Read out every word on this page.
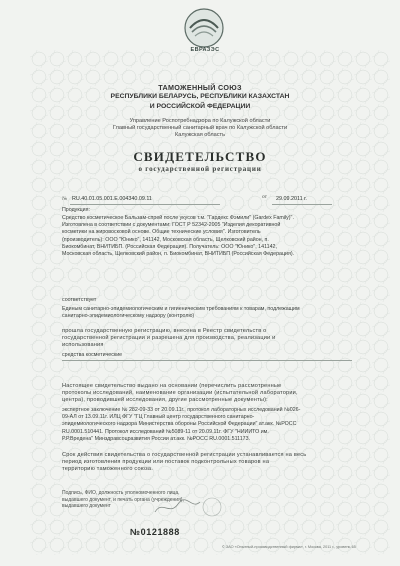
ЕВРАЗЭС
ТАМОЖЕННЫЙ СОЮЗ
РЕСПУБЛИКИ БЕЛАРУСЬ, РЕСПУБЛИКИ КАЗАХСТАН
И РОССИЙСКОЙ ФЕДЕРАЦИИ
Управление Роспотребнадзора по Калужской области
Главный государственный санитарный врач по Калужской области
Калужская область
СВИДЕТЕЛЬСТВО
о государственной регистрации
№ RU.40.01.05.001.Е.004340.09.11	от 29.09.2011 г.
Продукция:
Средство косметическое Бальзам-спрей после укусов т.м. "Гардекс Фэмили" (Gardex Family)".
Изготовлена в соответствии с документами: ГОСТ Р 52342-2005 "Изделия декоративной
косметики на жировосковой основе. Общие технические условия". Изготовитель
(производитель): ООО "Юнико", 141142, Московская область, Щелковский район, п.
Биокомбинат, ВНИТИБП. (Российская Федерация). Получатель: ООО "Юнико", 141142,
Московская область, Щелковский район, п. Биокомбинат, ВНИТИБП (Российская Федерация).
соответствует
Единым санитарно-эпидемиологическим и гигиеническим требованиям к товарам, подлежащим
санитарно-эпидемиологическому надзору (контролю)
прошла государственную регистрацию, внесена в Реестр свидетельств о
государственной регистрации и разрешена для производства, реализации и
использования
средства косметические
Настоящее свидетельство выдано на основании (перечислить рассмотренные
протоколы исследований, наименование организации (испытательной лаборатории,
центра), проводившей исследования, другие рассмотренные документы):
экспертное заключение № 282-09-33 от 20.09.11г., протокол лабораторных исследований №026-
09-АЛ от 13.09.11г. ИЛЦ ФГУ "ГЦ Главный центр государственного санитарно-
эпидемиологического надзора Министерства обороны Российской Федерации" ат.акк. №РОСС
RU.0001.510441. Протокол исследований №5089-11 от 20.09.11г. ФГУ "НИИИТО им.
Р.Р.Вредена" Минздравсоцразвития России ат.акк. №РОСС RU.0001.511173.
Срок действия свидетельства о государственной регистрации устанавливается на весь
период изготовления продукции или поставок подконтрольных товаров на
территорию таможенного союза.
Подпись, ФИО, должность уполномоченного лица,
выдавшего документ, и печать органа (учреждения),
выдавшего документ
№0121888
© ЗАО «Опытный-производственный фирма», г. Москва, 2011 г., уровень 65
